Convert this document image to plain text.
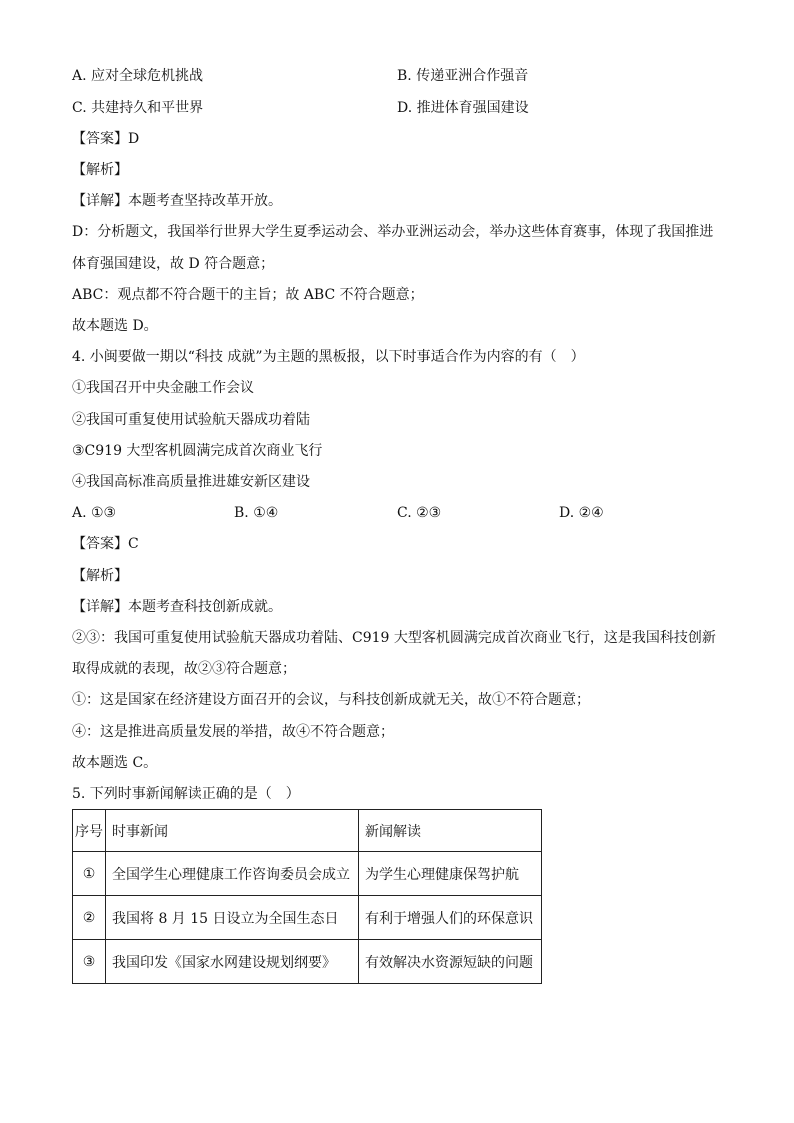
A. 应对全球危机挑战	B. 传递亚洲合作强音
C. 共建持久和平世界	D. 推进体育强国建设
【答案】D
【解析】
【详解】本题考查坚持改革开放。
D：分析题文，我国举行世界大学生夏季运动会、举办亚洲运动会，举办这些体育赛事，体现了我国推进
体育强国建设，故 D 符合题意；
ABC：观点都不符合题干的主旨；故 ABC 不符合题意；
故本题选 D。
4. 小闽要做一期以“科技 成就”为主题的黑板报，以下时事适合作为内容的有（　）
①我国召开中央金融工作会议
②我国可重复使用试验航天器成功着陆
③C919 大型客机圆满完成首次商业飞行
④我国高标准高质量推进雄安新区建设
A. ①③	B. ①④	C. ②③	D. ②④
【答案】C
【解析】
【详解】本题考查科技创新成就。
②③：我国可重复使用试验航天器成功着陆、C919 大型客机圆满完成首次商业飞行，这是我国科技创新
取得成就的表现，故②③符合题意；
①：这是国家在经济建设方面召开的会议，与科技创新成就无关，故①不符合题意；
④：这是推进高质量发展的举措，故④不符合题意；
故本题选 C。
5. 下列时事新闻解读正确的是（　）
序号	时事新闻	新闻解读
①	全国学生心理健康工作咨询委员会成立	为学生心理健康保驾护航
②	我国将 8 月 15 日设立为全国生态日	有利于增强人们的环保意识
③	我国印发《国家水网建设规划纲要》	有效解决水资源短缺的问题
